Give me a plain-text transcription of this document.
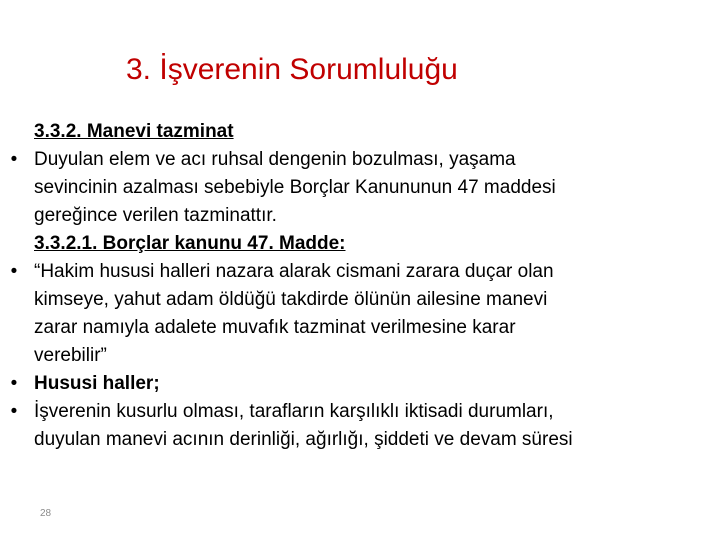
3. İşverenin Sorumluluğu
3.3.2. Manevi tazminat
• Duyulan elem ve acı ruhsal dengenin bozulması, yaşama
sevincinin azalması sebebiyle Borçlar Kanununun 47 maddesi
gereğince verilen tazminattır.
3.3.2.1. Borçlar kanunu 47. Madde:
• “Hakim hususi halleri nazara alarak cismani zarara duçar olan
kimseye, yahut adam öldüğü takdirde ölünün ailesine manevi
zarar namıyla adalete muvafık tazminat verilmesine karar
verebilir”
• Hususi haller;
• İşverenin kusurlu olması, tarafların karşılıklı iktisadi durumları,
duyulan manevi acının derinliği, ağırlığı, şiddeti ve devam süresi
28
